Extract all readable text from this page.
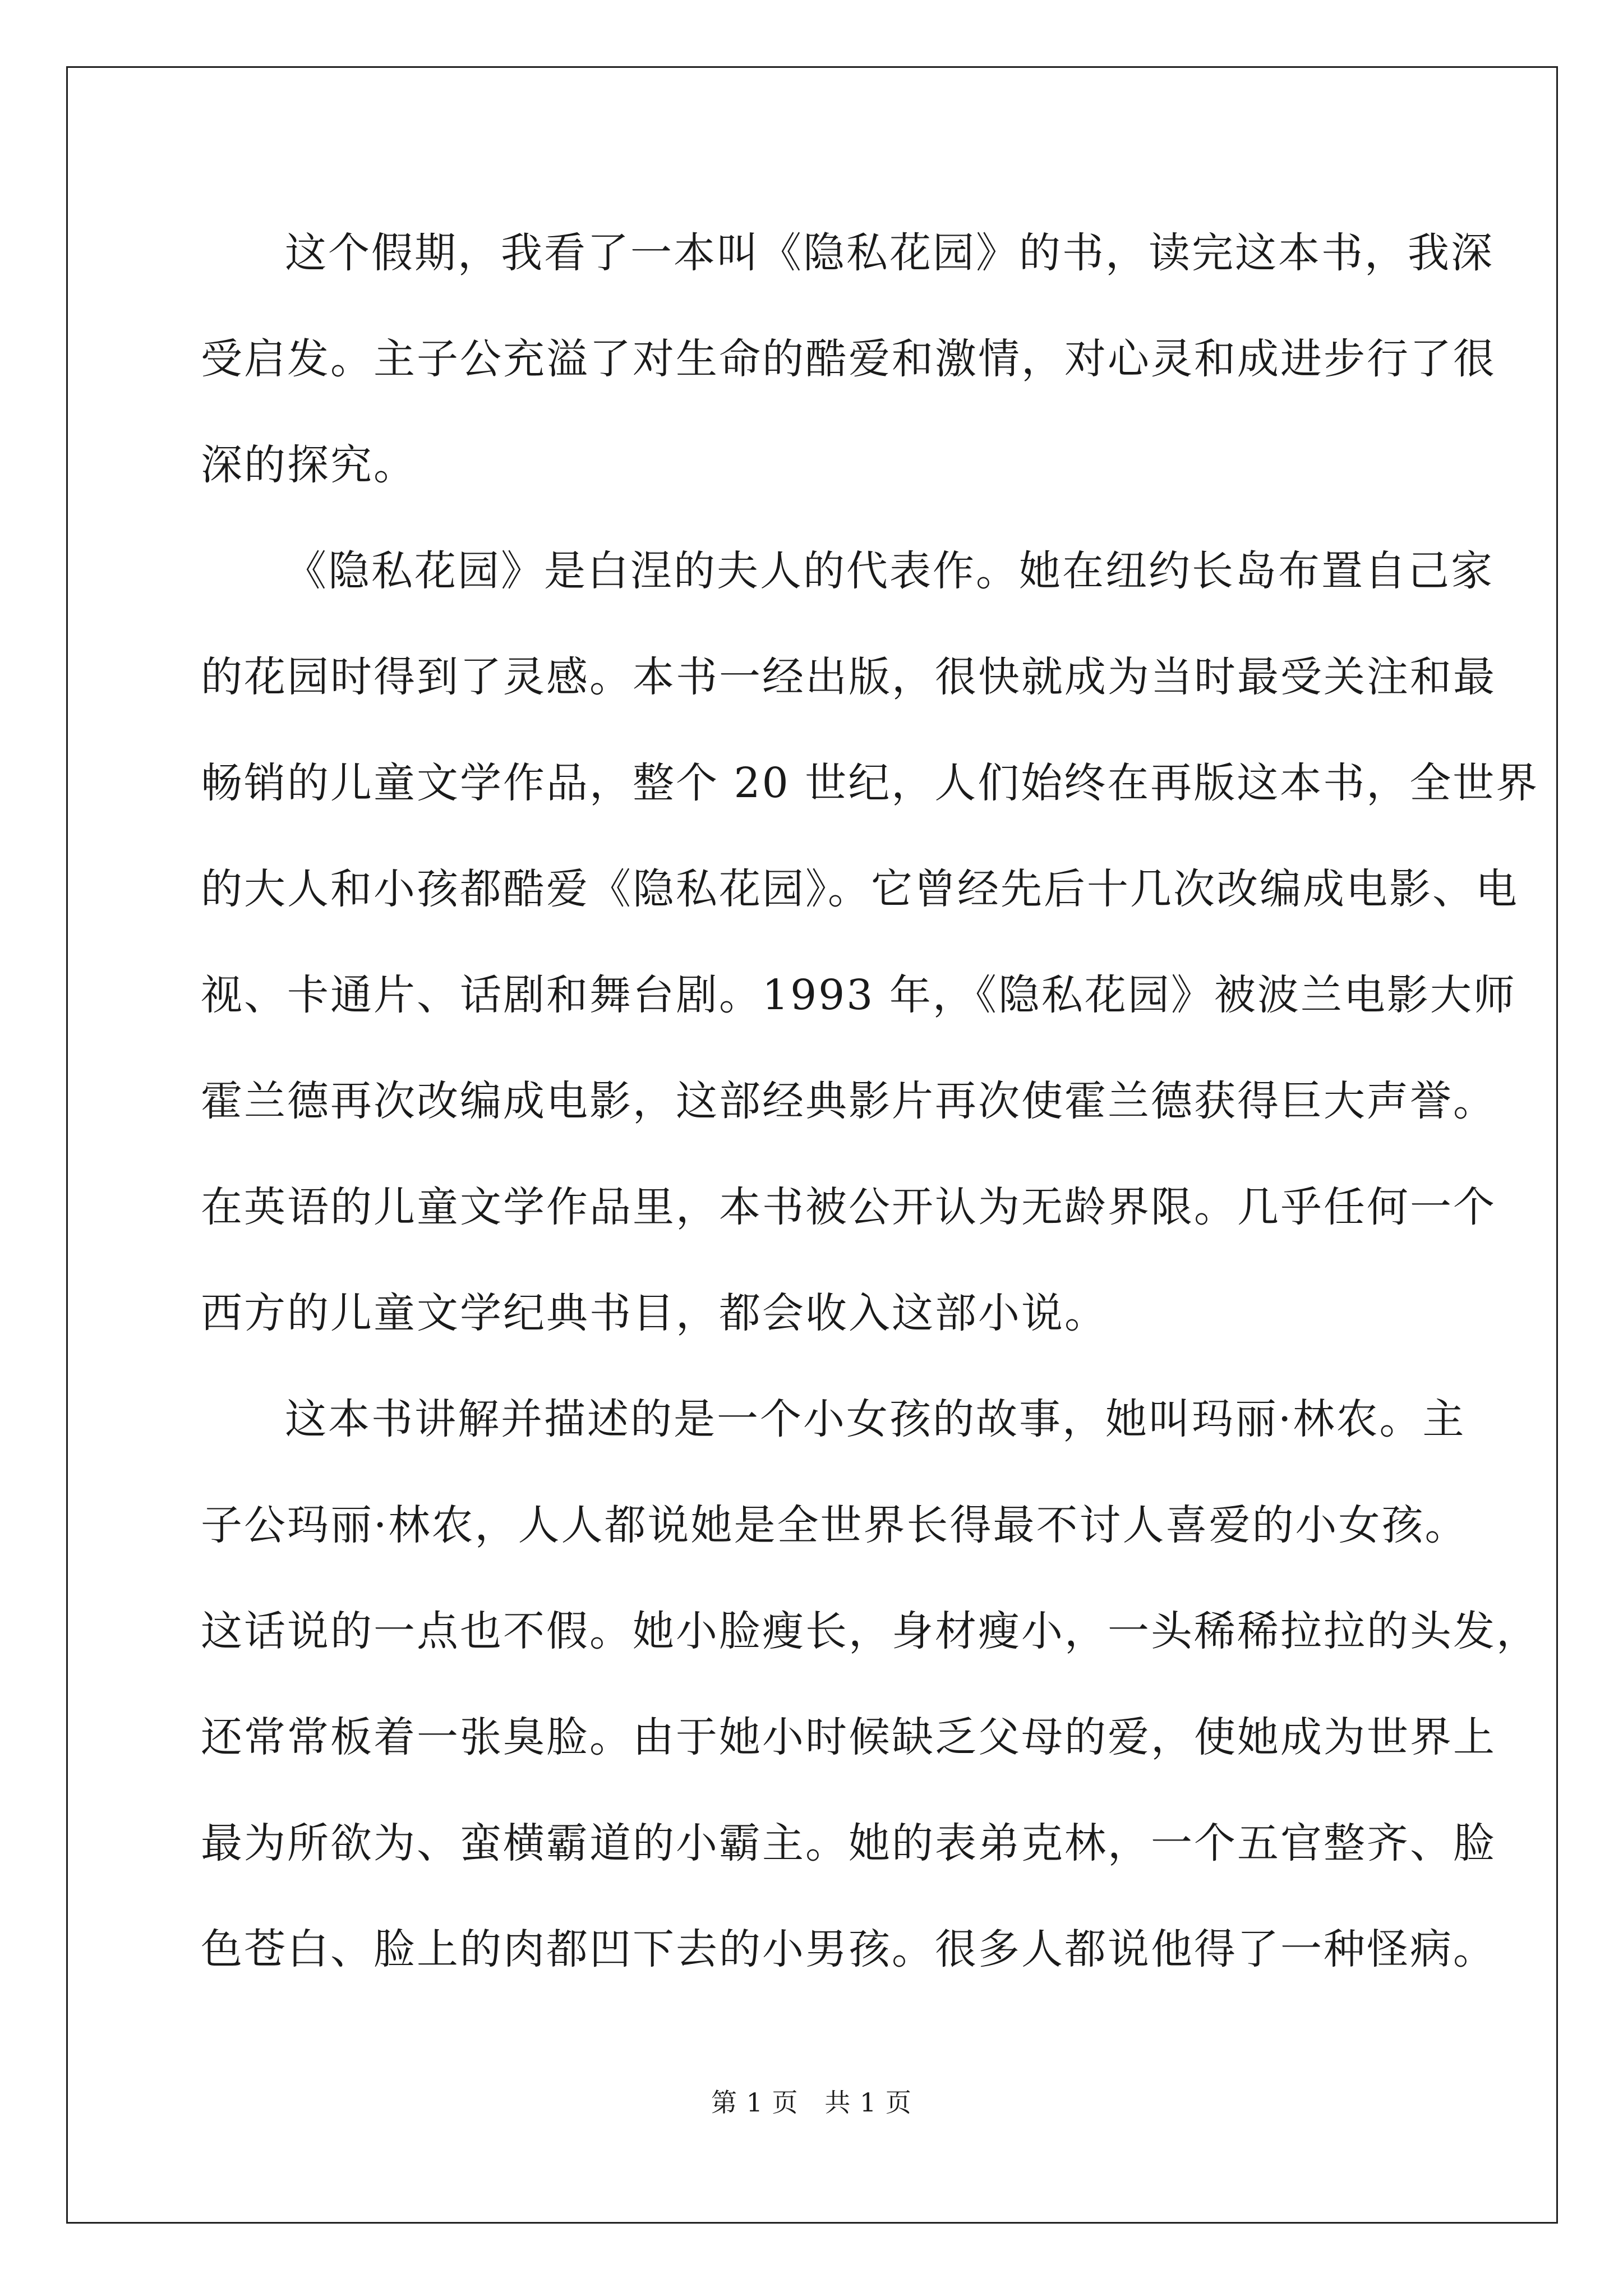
这个假期，我看了一本叫《隐私花园》的书，读完这本书，我深
受启发。主子公充溢了对生命的酷爱和激情，对心灵和成进步行了很
深的探究。
《隐私花园》是白涅的夫人的代表作。她在纽约长岛布置自己家
的花园时得到了灵感。本书一经出版，很快就成为当时最受关注和最
畅销的儿童文学作品，整个 20 世纪，人们始终在再版这本书，全世界
的大人和小孩都酷爱《隐私花园》。它曾经先后十几次改编成电影、电
视、卡通片、话剧和舞台剧。1993 年，《隐私花园》被波兰电影大师
霍兰德再次改编成电影，这部经典影片再次使霍兰德获得巨大声誉。
在英语的儿童文学作品里，本书被公开认为无龄界限。几乎任何一个
西方的儿童文学纪典书目，都会收入这部小说。
这本书讲解并描述的是一个小女孩的故事，她叫玛丽·林农。主
子公玛丽·林农，人人都说她是全世界长得最不讨人喜爱的小女孩。
这话说的一点也不假。她小脸瘦长，身材瘦小，一头稀稀拉拉的头发，
还常常板着一张臭脸。由于她小时候缺乏父母的爱，使她成为世界上
最为所欲为、蛮横霸道的小霸主。她的表弟克林，一个五官整齐、脸
色苍白、脸上的肉都凹下去的小男孩。很多人都说他得了一种怪病。
第 1 页   共 1 页
